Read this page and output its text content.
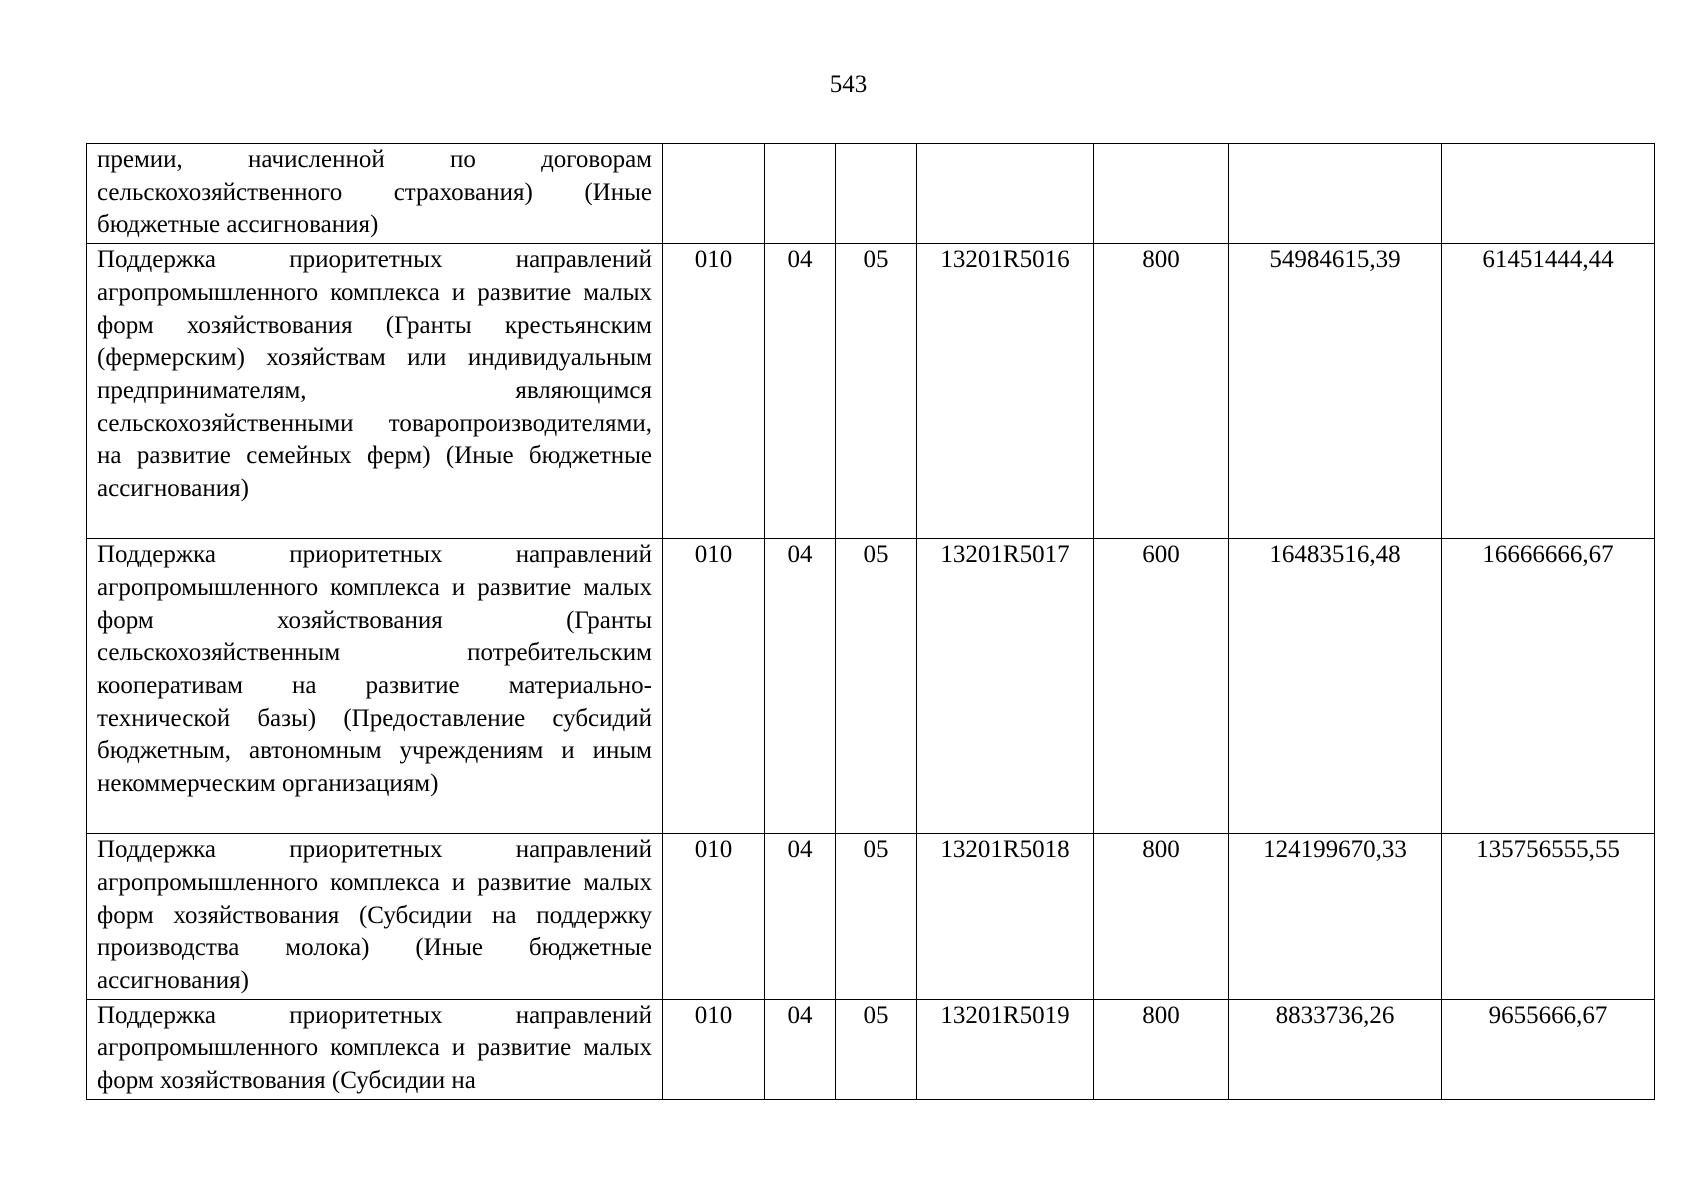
543
премии, начисленной по договорам сельскохозяйственного страхования) (Иные бюджетные ассигнования)							
Поддержка приоритетных направлений агропромышленного комплекса и развитие малых форм хозяйствования (Гранты крестьянским (фермерским) хозяйствам или индивидуальным предпринимателям, являющимся сельскохозяйственными товаропроизводителями, на развитие семейных ферм) (Иные бюджетные ассигнования)	010	04	05	13201R5016	800	54984615,39	61451444,44
Поддержка приоритетных направлений агропромышленного комплекса и развитие малых форм хозяйствования (Гранты сельскохозяйственным потребительским кооперативам на развитие материально-технической базы) (Предоставление субсидий бюджетным, автономным учреждениям и иным некоммерческим организациям)	010	04	05	13201R5017	600	16483516,48	16666666,67
Поддержка приоритетных направлений агропромышленного комплекса и развитие малых форм хозяйствования (Субсидии на поддержку производства молока) (Иные бюджетные ассигнования)	010	04	05	13201R5018	800	124199670,33	135756555,55
Поддержка приоритетных направлений агропромышленного комплекса и развитие малых форм хозяйствования (Субсидии на	010	04	05	13201R5019	800	8833736,26	9655666,67
